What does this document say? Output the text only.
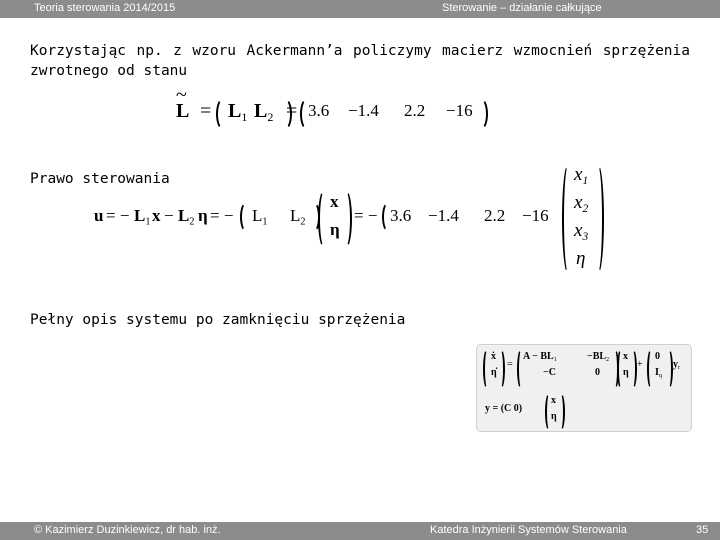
Teoria sterowania 2014/2015	Sterowanie – działanie całkujące
Korzystając np. z wzoru Ackermann’a policzymy macierz wzmocnień sprzężenia zwrotnego od stanu
~
$L = L_1$ $L_2 = 3.6 -1.4$ 2.2 −16
Prawo sterowania
u = − $L_1$ $x - L_2$ η = − $L_1$ $L_2$
x
η
= − 3.6 −1.4 2.2 −16
$x_1$
$x_2$
$x_3$
η
Pełny opis systemu po zamknięciu sprzężenia
ẋ
η̇
=
$A - BL_1$	$-BL_2$
−C	0
x
η
+
0
$I_q$
$y_r$
y = (C 0)
x
η
© Kazimierz Duzinkiewicz, dr hab. inż.	Katedra Inżynierii Systemów Sterowania	35
